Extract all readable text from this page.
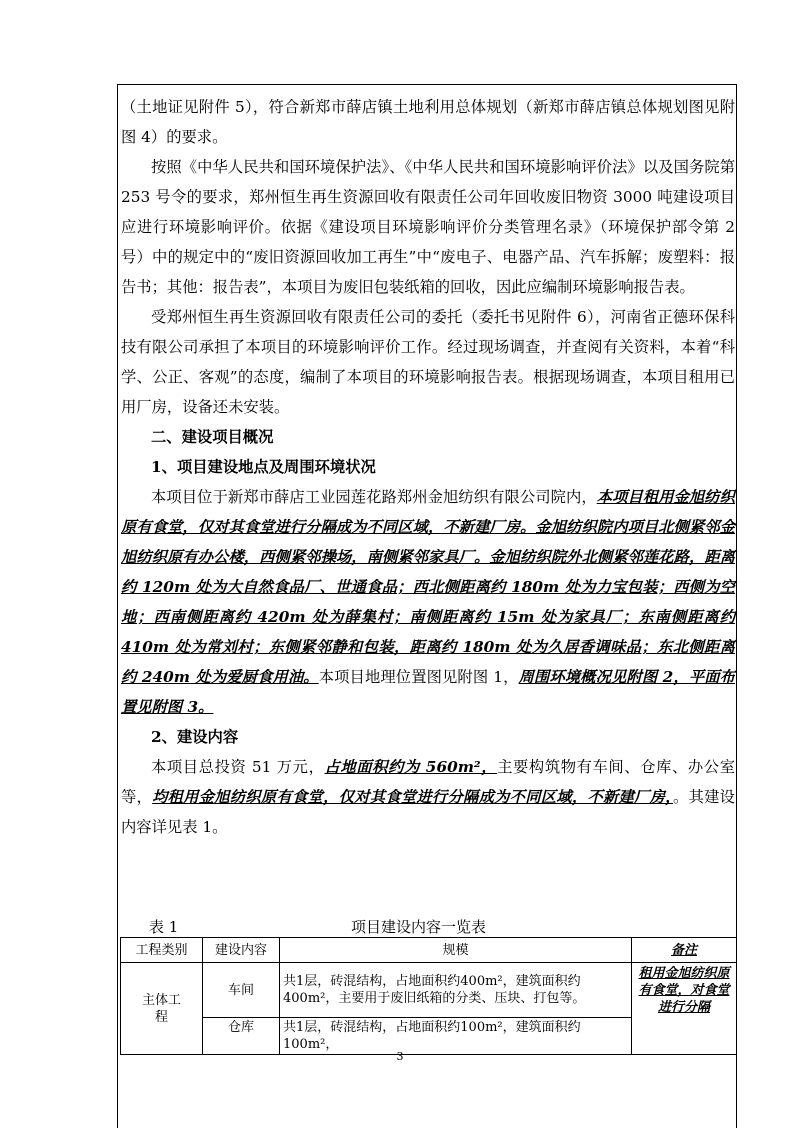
（土地证见附件 5），符合新郑市薛店镇土地利用总体规划（新郑市薛店镇总体规划图见附图 4）的要求。

按照《中华人民共和国环境保护法》、《中华人民共和国环境影响评价法》以及国务院第 253 号令的要求，郑州恒生再生资源回收有限责任公司年回收废旧物资 3000 吨建设项目应进行环境影响评价。依据《建设项目环境影响评价分类管理名录》（环境保护部令第 2 号）中的规定中的“废旧资源回收加工再生”中“废电子、电器产品、汽车拆解；废塑料：报告书；其他：报告表”，本项目为废旧包装纸箱的回收，因此应编制环境影响报告表。

受郑州恒生再生资源回收有限责任公司的委托（委托书见附件 6），河南省正德环保科技有限公司承担了本项目的环境影响评价工作。经过现场调查，并查阅有关资料，本着“科学、公正、客观”的态度，编制了本项目的环境影响报告表。根据现场调查，本项目租用已用厂房，设备还未安装。

二、建设项目概况

1、项目建设地点及周围环境状况

本项目位于新郑市薛店工业园莲花路郑州金旭纺织有限公司院内，本项目租用金旭纺织原有食堂，仅对其食堂进行分隔成为不同区域，不新建厂房。金旭纺织院内项目北侧紧邻金旭纺织原有办公楼，西侧紧邻操场，南侧紧邻家具厂。金旭纺织院外北侧紧邻莲花路，距离约 120m 处为大自然食品厂、世通食品；西北侧距离约 180m 处为力宝包装；西侧为空地；西南侧距离约 420m 处为薛集村；南侧距离约 15m 处为家具厂；东南侧距离约 410m 处为常刘村；东侧紧邻静和包装，距离约 180m 处为久居香调味品；东北侧距离约 240m 处为爱厨食用油。本项目地理位置图见附图 1，周围环境概况见附图 2，平面布置见附图 3。

2、建设内容

本项目总投资 51 万元，占地面积约为 560m²，主要构筑物有车间、仓库、办公室等，均租用金旭纺织原有食堂，仅对其食堂进行分隔成为不同区域，不新建厂房，。其建设内容详见表 1。

表 1	项目建设内容一览表
工程类别	建设内容	规模	备注
主体工程	车间	共1层，砖混结构，占地面积约400m²，建筑面积约400m²，主要用于废旧纸箱的分类、压块、打包等。	租用金旭纺织原有食堂，对食堂进行分隔
	仓库	共1层，砖混结构，占地面积约100m²，建筑面积约100m²，	
3
